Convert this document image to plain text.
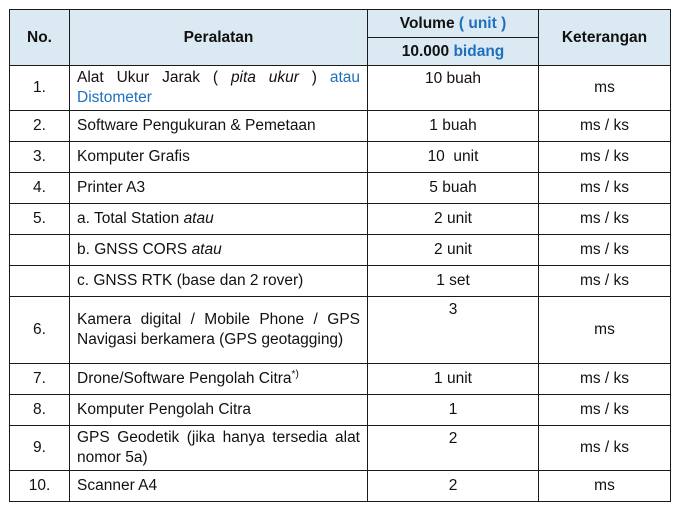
No.	Peralatan	Volume ( unit )	Keterangan
		10.000 bidang	
1.	Alat Ukur Jarak ( pita ukur ) atau Distometer	10 buah	ms
2.	Software Pengukuran & Pemetaan	1 buah	ms / ks
3.	Komputer Grafis	10  unit	ms / ks
4.	Printer A3	5 buah	ms / ks
5.	a. Total Station atau	2 unit	ms / ks
	b. GNSS CORS atau	2 unit	ms / ks
	c. GNSS RTK (base dan 2 rover)	1 set	ms / ks
6.	Kamera digital / Mobile Phone / GPS Navigasi berkamera (GPS geotagging)	3	ms
7.	Drone/Software Pengolah Citra*)	1 unit	ms / ks
8.	Komputer Pengolah Citra	1	ms / ks
9.	GPS Geodetik (jika hanya tersedia alat nomor 5a)	2	ms / ks
10.	Scanner A4	2	ms
